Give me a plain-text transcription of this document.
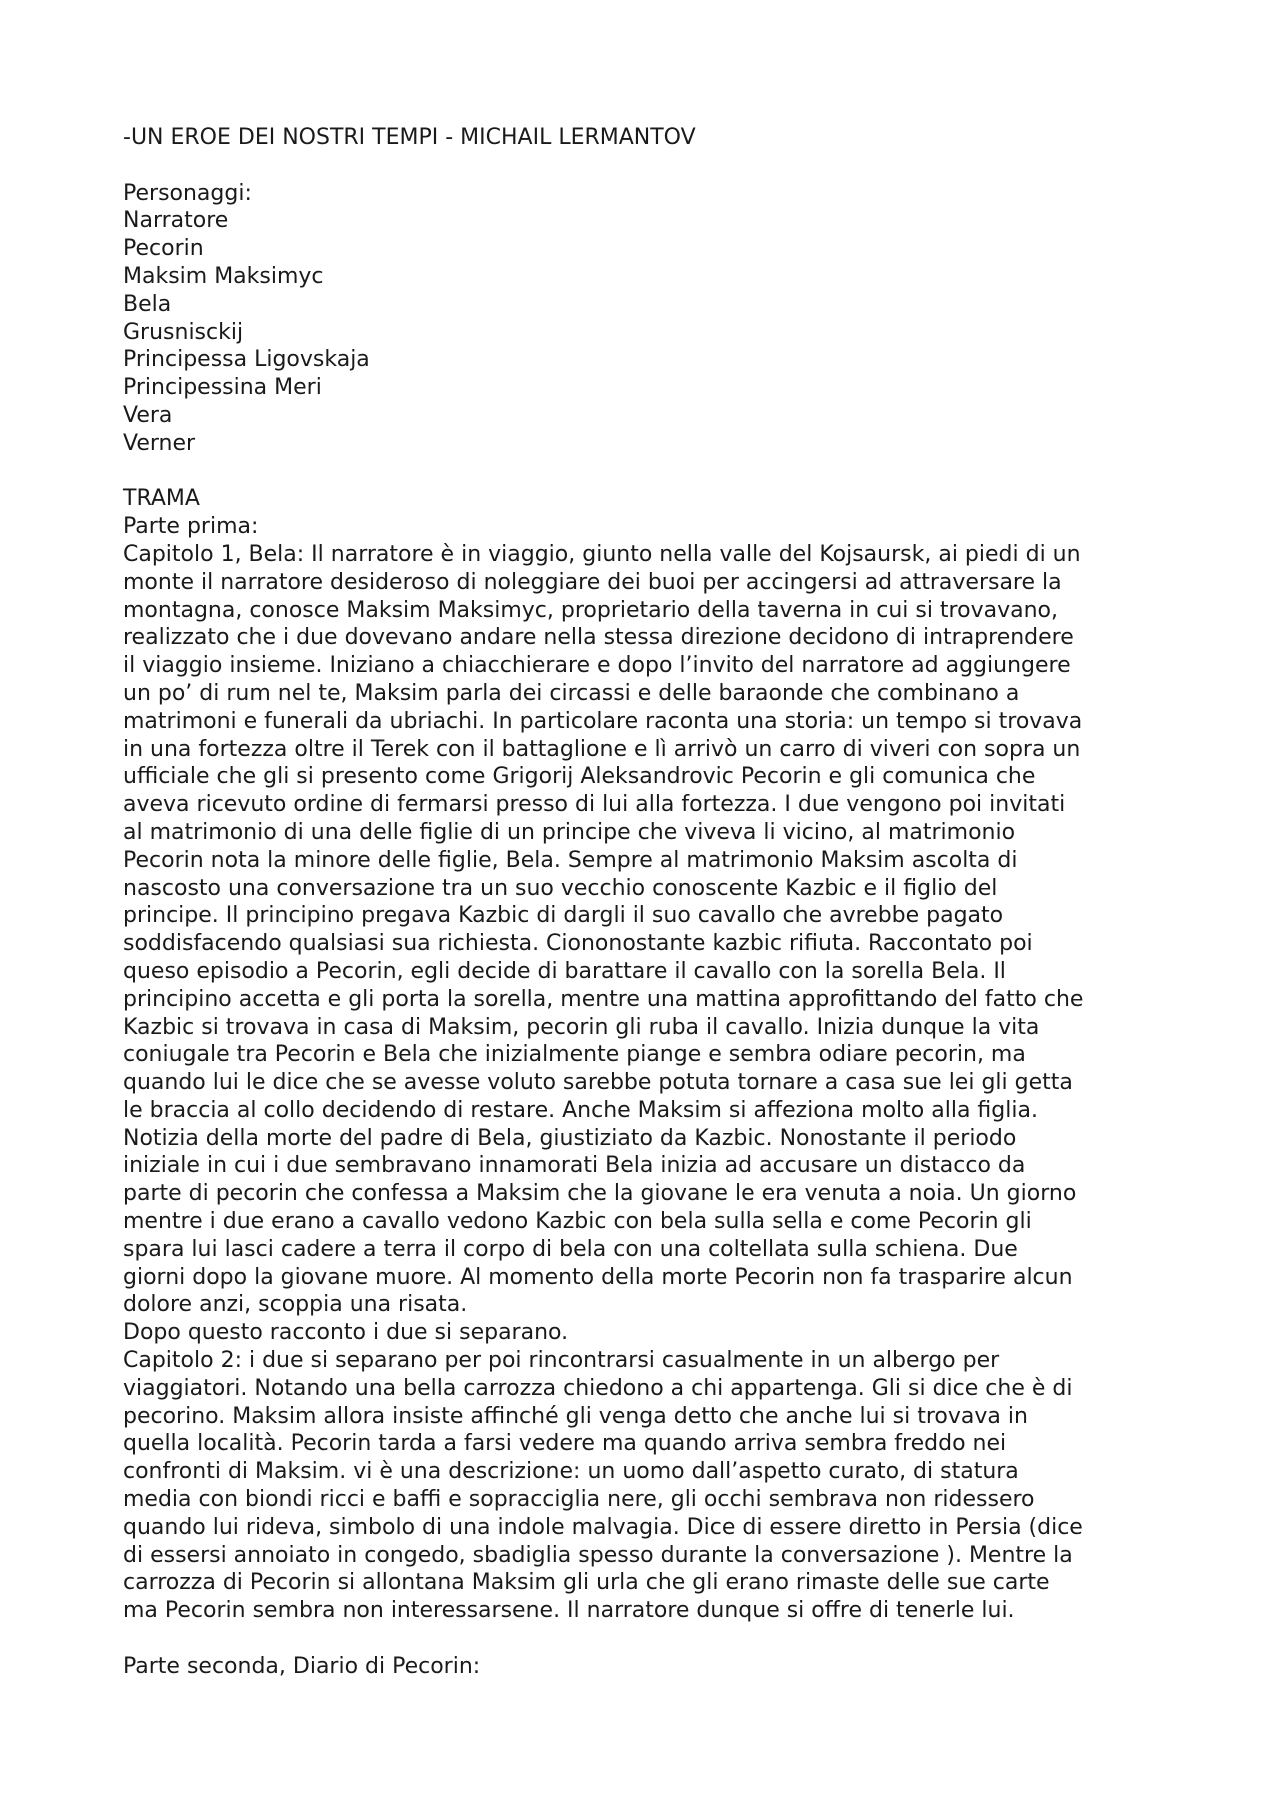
-UN EROE DEI NOSTRI TEMPI - MICHAIL LERMANTOV
Personaggi:
Narratore
Pecorin
Maksim Maksimyc
Bela
Grusnisckij
Principessa Ligovskaja
Principessina Meri
Vera
Verner
TRAMA
Parte prima:
Capitolo 1, Bela: Il narratore è in viaggio, giunto nella valle del Kojsaursk, ai piedi di un
monte il narratore desideroso di noleggiare dei buoi per accingersi ad attraversare la
montagna, conosce Maksim Maksimyc, proprietario della taverna in cui si trovavano,
realizzato che i due dovevano andare nella stessa direzione decidono di intraprendere
il viaggio insieme. Iniziano a chiacchierare e dopo l’invito del narratore ad aggiungere
un po’ di rum nel te, Maksim parla dei circassi e delle baraonde che combinano a
matrimoni e funerali da ubriachi. In particolare raconta una storia: un tempo si trovava
in una fortezza oltre il Terek con il battaglione e lì arrivò un carro di viveri con sopra un
ufficiale che gli si presento come Grigorij Aleksandrovic Pecorin e gli comunica che
aveva ricevuto ordine di fermarsi presso di lui alla fortezza. I due vengono poi invitati
al matrimonio di una delle figlie di un principe che viveva li vicino, al matrimonio
Pecorin nota la minore delle figlie, Bela. Sempre al matrimonio Maksim ascolta di
nascosto una conversazione tra un suo vecchio conoscente Kazbic e il figlio del
principe. Il principino pregava Kazbic di dargli il suo cavallo che avrebbe pagato
soddisfacendo qualsiasi sua richiesta. Ciononostante kazbic rifiuta. Raccontato poi
queso episodio a Pecorin, egli decide di barattare il cavallo con la sorella Bela. Il
principino accetta e gli porta la sorella, mentre una mattina approfittando del fatto che
Kazbic si trovava in casa di Maksim, pecorin gli ruba il cavallo. Inizia dunque la vita
coniugale tra Pecorin e Bela che inizialmente piange e sembra odiare pecorin, ma
quando lui le dice che se avesse voluto sarebbe potuta tornare a casa sue lei gli getta
le braccia al collo decidendo di restare. Anche Maksim si affeziona molto alla figlia.
Notizia della morte del padre di Bela, giustiziato da Kazbic. Nonostante il periodo
iniziale in cui i due sembravano innamorati Bela inizia ad accusare un distacco da
parte di pecorin che confessa a Maksim che la giovane le era venuta a noia. Un giorno
mentre i due erano a cavallo vedono Kazbic con bela sulla sella e come Pecorin gli
spara lui lasci cadere a terra il corpo di bela con una coltellata sulla schiena. Due
giorni dopo la giovane muore. Al momento della morte Pecorin non fa trasparire alcun
dolore anzi, scoppia una risata.
Dopo questo racconto i due si separano.
Capitolo 2: i due si separano per poi rincontrarsi casualmente in un albergo per
viaggiatori. Notando una bella carrozza chiedono a chi appartenga. Gli si dice che è di
pecorino. Maksim allora insiste affinché gli venga detto che anche lui si trovava in
quella località. Pecorin tarda a farsi vedere ma quando arriva sembra freddo nei
confronti di Maksim. vi è una descrizione: un uomo dall’aspetto curato, di statura
media con biondi ricci e baffi e sopracciglia nere, gli occhi sembrava non ridessero
quando lui rideva, simbolo di una indole malvagia. Dice di essere diretto in Persia (dice
di essersi annoiato in congedo, sbadiglia spesso durante la conversazione ). Mentre la
carrozza di Pecorin si allontana Maksim gli urla che gli erano rimaste delle sue carte
ma Pecorin sembra non interessarsene. Il narratore dunque si offre di tenerle lui.
Parte seconda, Diario di Pecorin:
